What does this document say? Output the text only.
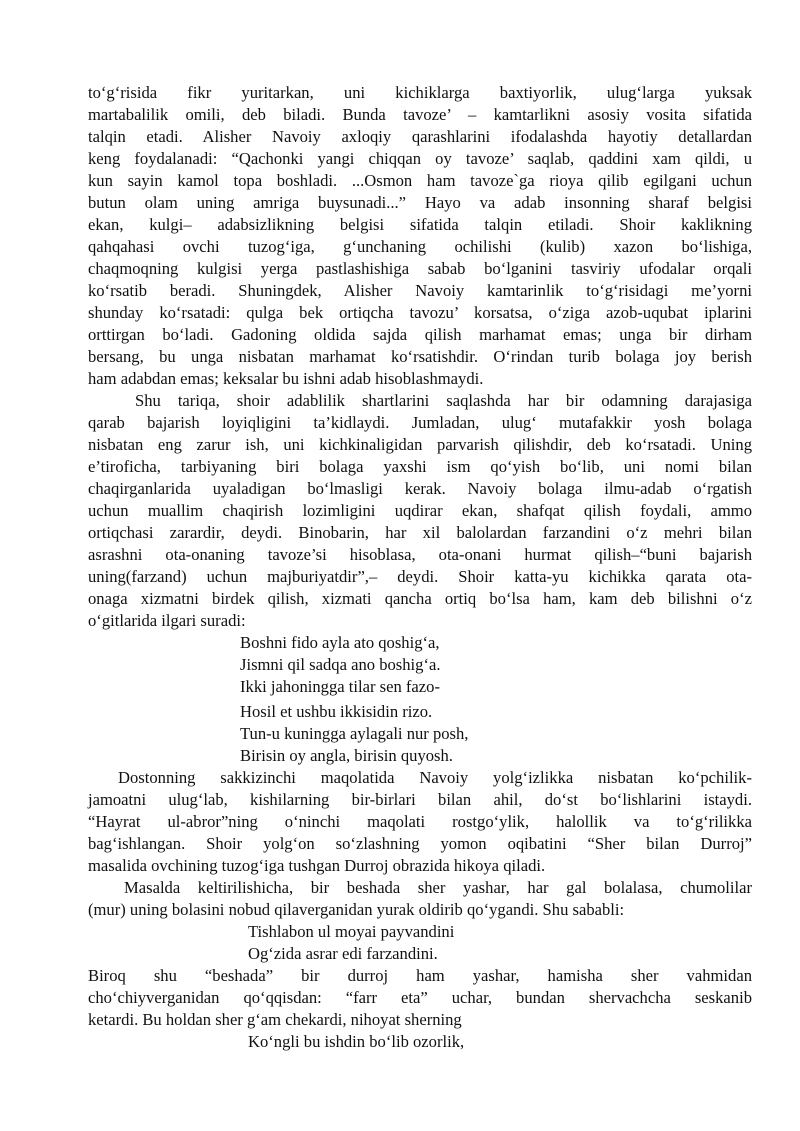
to‘g‘risida fikr yuritarkan, uni kichiklarga baxtiyorlik, ulug‘larga yuksak
martabalilik omili, deb biladi. Bunda tavoze’ – kamtarlikni asosiy vosita sifatida
talqin etadi. Alisher Navoiy axloqiy qarashlarini ifodalashda hayotiy detallardan
keng foydalanadi: “Qachonki yangi chiqqan oy tavoze’ saqlab, qaddini xam qildi, u
kun sayin kamol topa boshladi. ...Osmon ham tavoze`ga rioya qilib egilgani uchun
butun olam uning amriga buysunadi...” Hayo va adab insonning sharaf belgisi
ekan, kulgi– adabsizlikning belgisi sifatida talqin etiladi. Shoir kaklikning
qahqahasi ovchi tuzog‘iga, g‘unchaning ochilishi (kulib) xazon bo‘lishiga,
chaqmoqning kulgisi yerga pastlashishiga sabab bo‘lganini tasviriy ufodalar orqali
ko‘rsatib beradi. Shuningdek, Alisher Navoiy kamtarinlik to‘g‘risidagi me’yorni
shunday ko‘rsatadi: qulga bek ortiqcha tavozu’ korsatsa, o‘ziga azob-uqubat iplarini
orttirgan bo‘ladi. Gadoning oldida sajda qilish marhamat emas; unga bir dirham
bersang, bu unga nisbatan marhamat ko‘rsatishdir. O‘rindan turib bolaga joy berish
ham adabdan emas; keksalar bu ishni adab hisoblashmaydi.
Shu tariqa, shoir adablilik shartlarini saqlashda har bir odamning darajasiga
qarab bajarish loyiqligini ta’kidlaydi. Jumladan, ulug‘ mutafakkir yosh bolaga
nisbatan eng zarur ish, uni kichkinaligidan parvarish qilishdir, deb ko‘rsatadi. Uning
e’tiroficha, tarbiyaning biri bolaga yaxshi ism qo‘yish bo‘lib, uni nomi bilan
chaqirganlarida uyaladigan bo‘lmasligi kerak. Navoiy bolaga ilmu-adab o‘rgatish
uchun muallim chaqirish lozimligini uqdirar ekan, shafqat qilish foydali, ammo
ortiqchasi zarardir, deydi. Binobarin, har xil balolardan farzandini o‘z mehri bilan
asrashni ota-onaning tavoze’si hisoblasa, ota-onani hurmat qilish–“buni bajarish
uning(farzand) uchun majburiyatdir”,– deydi. Shoir katta-yu kichikka qarata ota-
onaga xizmatni birdek qilish, xizmati qancha ortiq bo‘lsa ham, kam deb bilishni o‘z
o‘gitlarida ilgari suradi:
Boshni fido ayla ato qoshig‘a,
Jismni qil sadqa ano boshig‘a.
Ikki jahoningga tilar sen fazo-
Hosil et ushbu ikkisidin rizo.
Tun-u kuningga aylagali nur posh,
Birisin oy angla, birisin quyosh.
Dostonning sakkizinchi maqolatida Navoiy yolg‘izlikka nisbatan ko‘pchilik-
jamoatni ulug‘lab, kishilarning bir-birlari bilan ahil, do‘st bo‘lishlarini istaydi.
“Hayrat ul-abror”ning o‘ninchi maqolati rostgo‘ylik, halollik va to‘g‘rilikka
bag‘ishlangan. Shoir yolg‘on so‘zlashning yomon oqibatini “Sher bilan Durroj”
masalida ovchining tuzog‘iga tushgan Durroj obrazida hikoya qiladi.
Masalda keltirilishicha, bir beshada sher yashar, har gal bolalasa, chumolilar
(mur) uning bolasini nobud qilaverganidan yurak oldirib qo‘ygandi. Shu sababli:
Tishlabon ul moyai payvandini
Og‘zida asrar edi farzandini.
Biroq shu “beshada” bir durroj ham yashar, hamisha sher vahmidan
cho‘chiyverganidan qo‘qqisdan: “farr eta” uchar, bundan shervachcha seskanib
ketardi. Bu holdan sher g‘am chekardi, nihoyat sherning
Ko‘ngli bu ishdin bo‘lib ozorlik,
